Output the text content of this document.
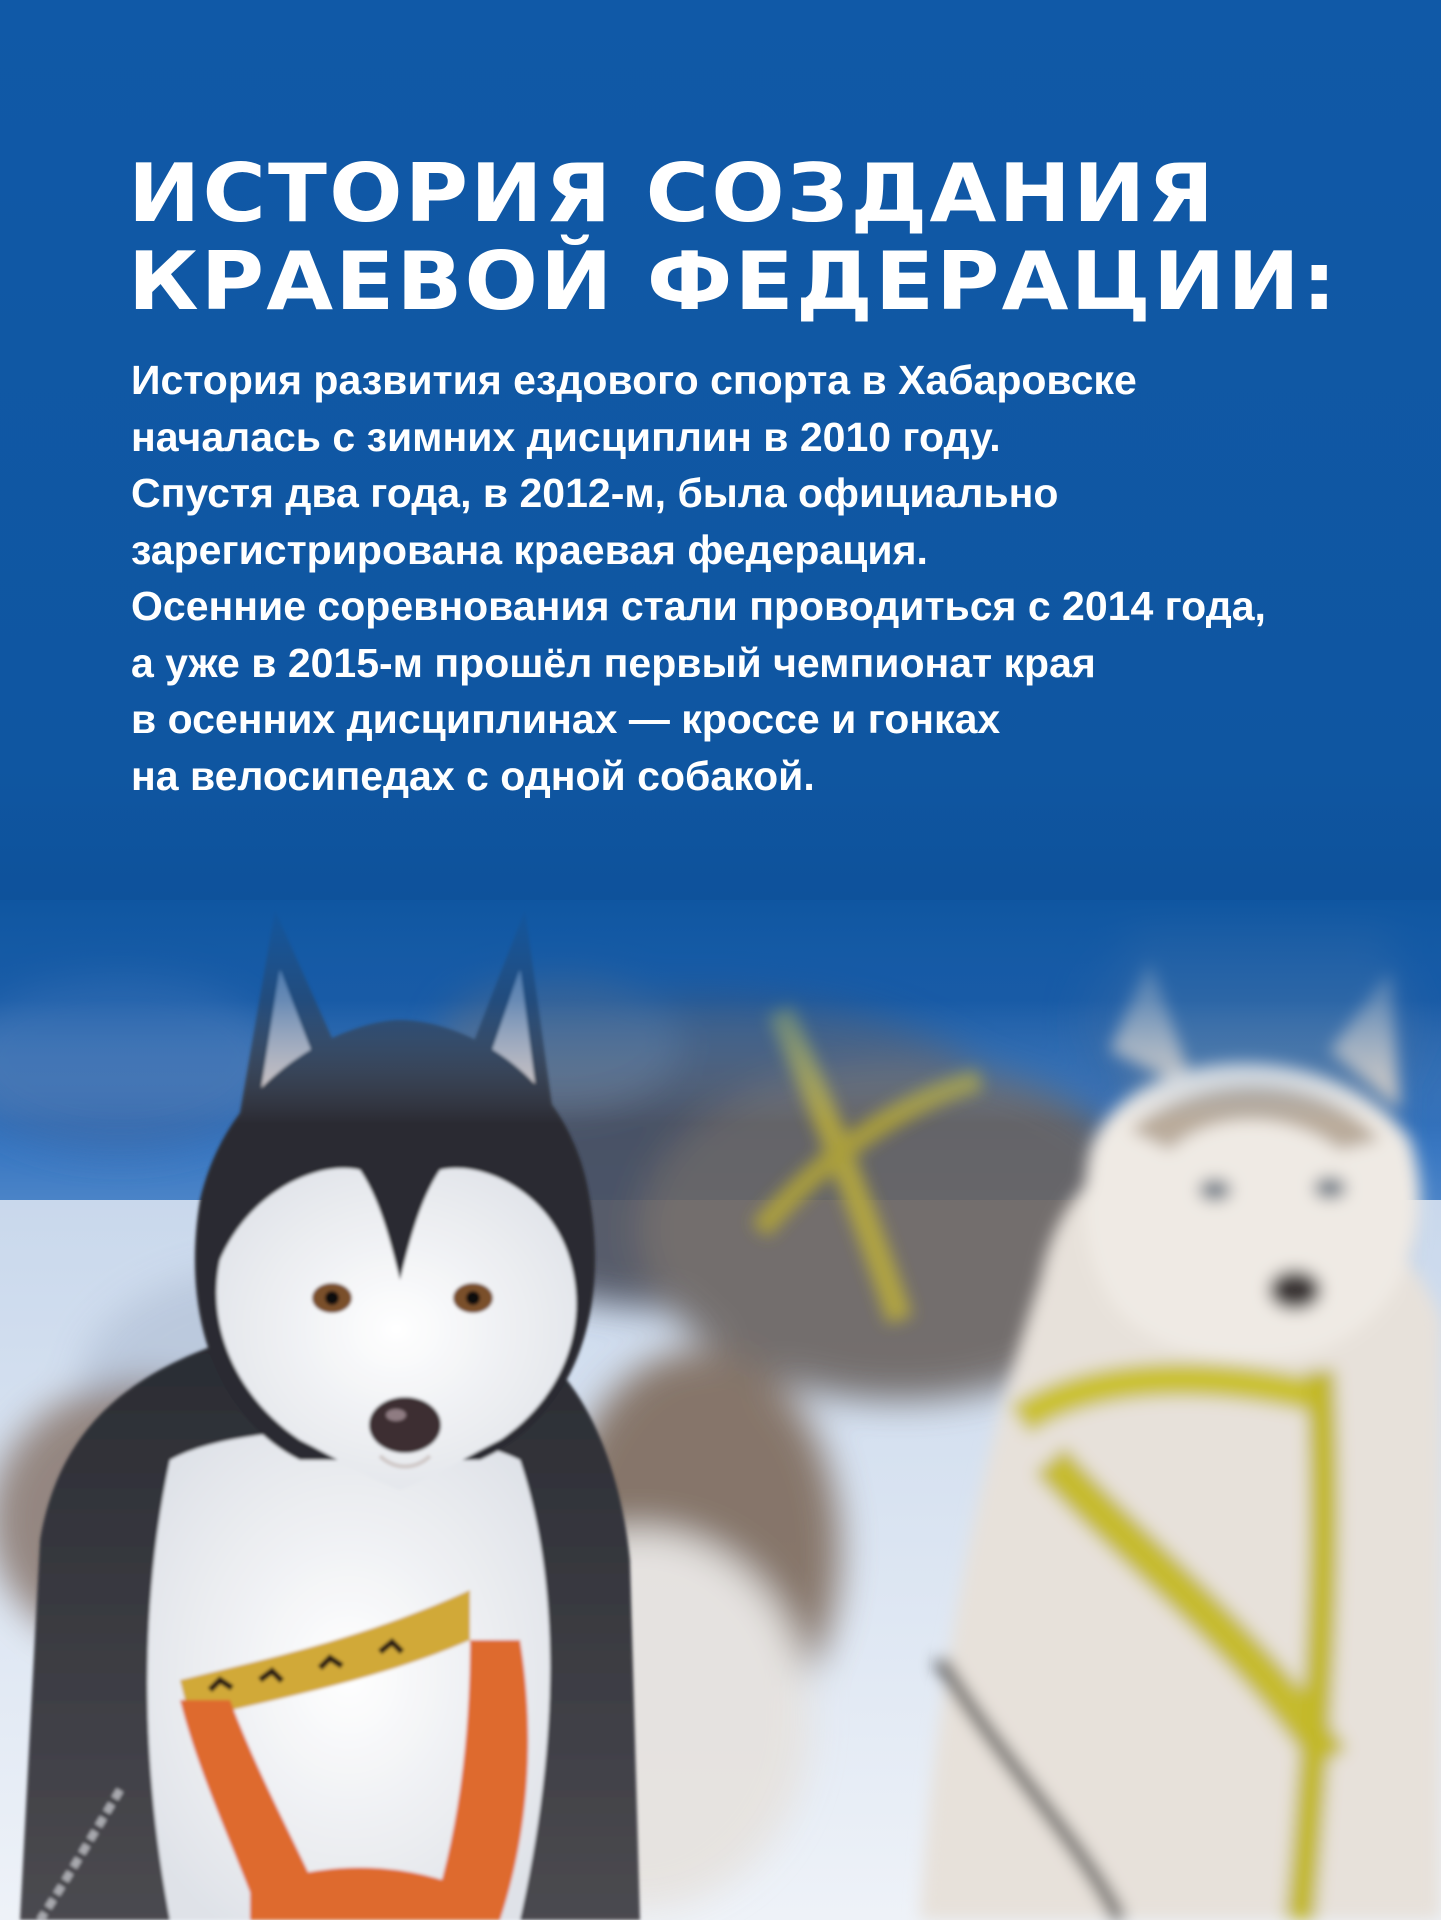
ИСТОРИЯ СОЗДАНИЯ
КРАЕВОЙ ФЕДЕРАЦИИ:
История развития ездового спорта в Хабаровске
началась с зимних дисциплин в 2010 году.
Спустя два года, в 2012-м, была официально
зарегистрирована краевая федерация.
Осенние соревнования стали проводиться с 2014 года,
а уже в 2015-м прошёл первый чемпионат края
в осенних дисциплинах — кроссе и гонках
на велосипедах с одной собакой.
